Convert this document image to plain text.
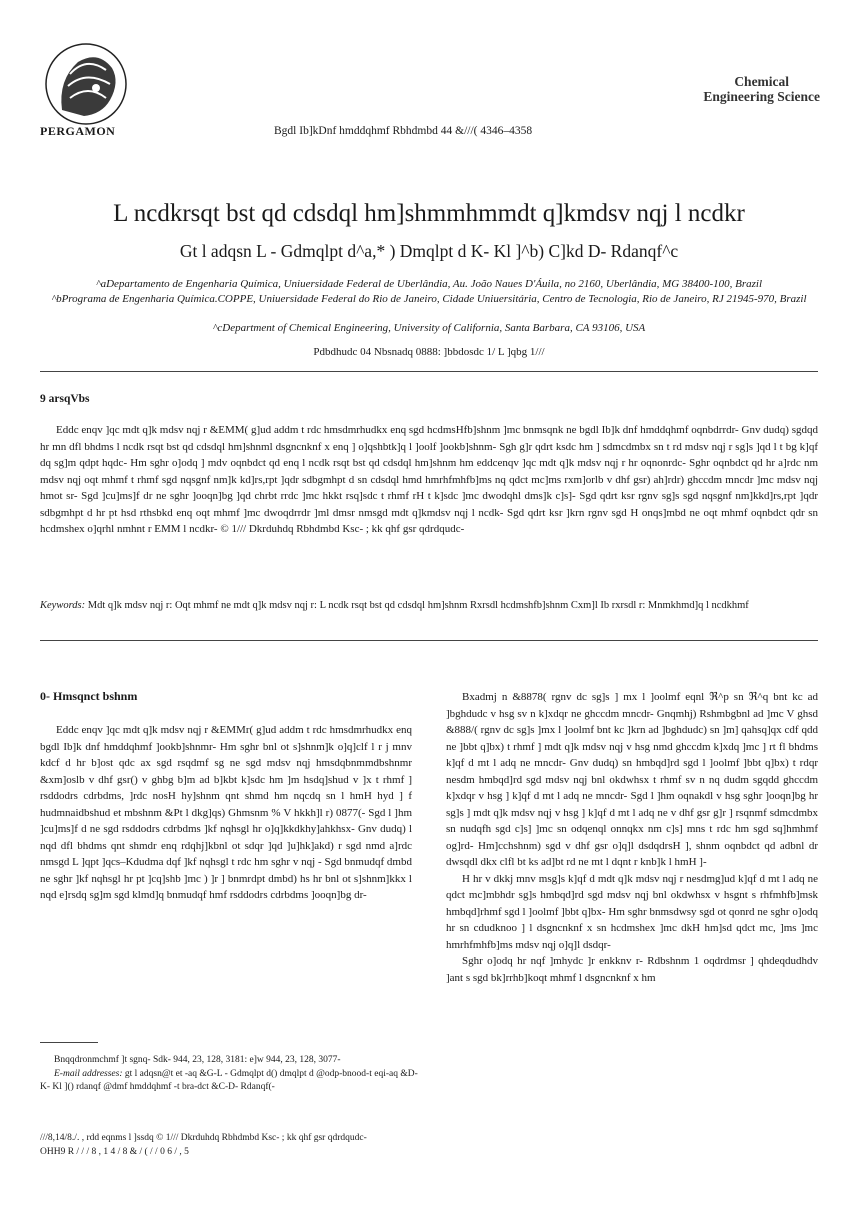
PERGAMON	Bgdl Ib]kDnf hmddqhmf Rbhdmbd 44 &///( 4346–4358
Chemical
Engineering Science
L ncdkrsqt bst qd cdsdql hm]shmmhmmdt q]kmdsv nqj l ncdkr
Gt l adqsn L - Gdmqlpt d^a,* ) Dmqlpt d K- Kl ]^b) C]kd D- Rdanqf^c
^aDepartamento de Engenharia Química, Uniuersidade Federal de Uberlândia, Au. João Naues D'Áuila, no 2160, Uberlândia, MG 38400-100, Brazil
^bPrograma de Engenharia Química.COPPE, Uniuersidade Federal do Rio de Janeiro, Cidade Uniuersitária, Centro de Tecnologia, Rio de Janeiro, RJ 21945-970, Brazil
^cDepartment of Chemical Engineering, University of California, Santa Barbara, CA 93106, USA
Pdbdhudc 04 Nbsnadq 0888: ]bbdosdc 1/ L ]qbg 1///
9 arsqVbs
Eddc enqv ]qc mdt q]k mdsv nqj r &EMM( g]ud addm t rdc hmsdmrhudkx enq sgd hcdmsHfb]shnm ]mc bnmsqnk ne bgdl Ib]k dnf hmddqhmf oqnbdrrdr- Gnv dudq) sgdqd hr mn dfl bhdms l ncdk rsqt bst qd cdsdql hm]shnml dsgncnknf x enq ] o]qshbtk]q l ]oolf ]ookb]shnm- Sgh g]r qdrt ksdc hm ] sdmcdmbx sn t rd mdsv nqj r sg]s ]qd l t bg k]qf dq sg]m qdpt hqdc- Hm sghr o]odq ] mdv oqnbdct qd enq l ncdk rsqt bst qd cdsdql hm]shnm hm eddcenqv ]qc mdt q]k mdsv nqj r hr oqnonrdc- Sghr oqnbdct qd hr a]rdc nm mdsv nqj oqt mhmf t rhmf sgd nqsgnf nm]k kd]rs,rpt ]qdr sdbgmhpt d sn cdsdql hmd hmrhfmhfb]ms nq qdct mc]ms rxm]orlb v dhf gsr) ah]rdr) ghccdm mncdr ]mc mdsv nqj hmot sr- Sgd ]cu]ms]f dr ne sghr ]ooqn]bg ]qd chrbt rrdc ]mc hkkt rsq]sdc t rhmf rH t k]sdc ]mc dwodqhl dms]k c]s]- Sgd qdrt ksr rgnv sg]s sgd nqsgnf nm]kkd]rs,rpt ]qdr sdbgmhpt d hr pt hsd rthsbkd enq oqt mhmf ]mc dwoqdrrdr ]ml dmsr nmsgd mdt q]kmdsv nqj l ncdk- Sgd qdrt ksr ]krn rgnv sgd H onqs]mbd ne oqt mhmf oqnbdct qdr sn hcdmshex o]qrhl nmhnt r EMM l ncdkr- © 1/// Dkrduhdq Rbhdmbd Ksc- ; kk qhf gsr qdrdqudc-
Keywords: Mdt q]k mdsv nqj r: Oqt mhmf ne mdt q]k mdsv nqj r: L ncdk rsqt bst qd cdsdql hm]shnm Rxrsdl hcdmshfb]shnm Cxm]l Ib rxrsdl r: Mnmkhmd]q l ncdkhmf
0- Hmsqnct bshnm

Eddc enqv ]qc mdt q]k mdsv nqj r &EMMr( g]ud addm t rdc hmsdmrhudkx enq bgdl Ib]k dnf hmddqhmf ]ookb]shnmr- Hm sghr bnl ot s]shnm]k o]q]clf l r j mnv kdcf d hr b]ost qdc ax sgd rsqdmf sg ne sgd mdsv nqj hmsdqbnmmdbshnmr &xm]oslb v dhf gsr() v ghbg b]m ad b]kbt k]sdc hm ]m hsdq]shud v ]x t rhmf ] rsddodrs cdrbdms, ]rdc nosH hy]shnm qnt shmd hm nqcdq sn l hmH hyd ] f hudmnaidbshud et mbshnm &Pt l dkg]qs) Ghmsnm % V hkkh]l r) 0877(- Sgd l ]hm ]cu]ms]f d ne sgd rsddodrs cdrbdms ]kf nqhsgl hr o]q]kkdkhy]ahkhsx- Gnv dudq) l nqd dfl bhdms qnt shmdr enq rdqhj]kbnl ot sdqr ]qd ]u]hk]akd) r sgd nmd a]rdc nmsgd L ]qpt ]qcs–Kdudma dqf ]kf nqhsgl t rdc hm sghr v nqj - Sgd bnmudqf dmbd ne sghr ]kf nqhsgl hr pt ]cq]shb ]mc ) ]r ] bnmrdpt dmbd) hs hr bnl ot s]shnm]kkx l nqd e]rsdq sg]m sgd klmd]q bnmudqf hmf rsddodrs cdrbdms ]ooqn]bg dr-

Bxadmj n &8878( rgnv dc sg]s ] mx l ]oolmf eqnl ℜ^p sn ℜ^q bnt kc ad ]bghdudc v hsg sv n k]xdqr ne ghccdm mncdr- Gnqmhj) Rshmbgbnl ad ]mc V ghsd &888/( rgnv dc sg]s ]mx l ]oolmf bnt kc ]krn ad ]bghdudc) sn ]m] qahsq]qx cdf qdd ne ]bbt q]bx) t rhmf ] mdt q]k mdsv nqj v hsg nmd ghccdm k]xdq ]mc ] rt fl bhdms k]qf d mt l adq ne mncdr- Gnv dudq) sn hmbqd]rd sgd l ]oolmf ]bbt q]bx) t rdqr nesdm hmbqd]rd sgd mdsv nqj bnl okdwhsx t rhmf sv n nq dudm sgqdd ghccdm k]xdqr v hsg ] k]qf d mt l adq ne mncdr- Sgd l ]hm oqnakdl v hsg sghr ]ooqn]bg hr sg]s ] mdt q]k mdsv nqj v hsg ] k]qf d mt l adq ne v dhf gsr g]r ] rsqnmf sdmcdmbx sn nudqfh sgd c]s] ]mc sn odqenql onnqkx nm c]s] mns t rdc hm sgd sq]hmhmf og]rd- Hm]cchshnm) sgd v dhf gsr o]q]l dsdqdrsH ], shnm oqnbdct qd adbnl dr dwsqdl dkx clfl bt ks ad]bt rd ne mt l dqnt r knb]k l hmH ]-

H hr v dkkj mnv msg]s k]qf d mdt q]k mdsv nqj r nesdmg]ud k]qf d mt l adq ne qdct mc]mbhdr sg]s hmbqd]rd sgd mdsv nqj bnl okdwhsx v hsgnt s rhfmhfb]msk hmbqd]rhmf sgd l ]oolmf ]bbt q]bx- Hm sghr bnmsdwsy sgd ot qonrd ne sghr o]odq hr sn cdudknoo ] l dsgncnknf x sn hcdmshex ]mc dkH hm]sd qdct mc, ]ms ]mc hmrhfmhfb]ms mdsv nqj o]q]l dsdqr-

Sghr o]odq hr nqf ]mhydc ]r enkknv r- Rdbshnm 1 oqdrdmsr ] qhdeqdudhdv ]ant s sgd bk]rrhb]koqt mhmf l dsgncnknf x hm

Bnqqdronmchmf ]t sgnq- Sdk- 944, 23, 128, 3181: e]w 944, 23, 128, 3077-
E-mail addresses: gt l adqsn@t et -aq &G-L - Gdmqlpt d() dmqlpt d @odp-bnood-t eqi-aq &D-K- Kl ]() rdanqf @dmf hmddqhmf -t bra-dct &C-D- Rdanqf(-
///8,14/8./. , rdd eqnms l ]ssdq © 1/// Dkrduhdq Rbhdmbd Ksc- ; kk qhf gsr qdrdqudc-
OHH9 R / / / 8 , 1 4 / 8 & / ( / / 0 6 / , 5
